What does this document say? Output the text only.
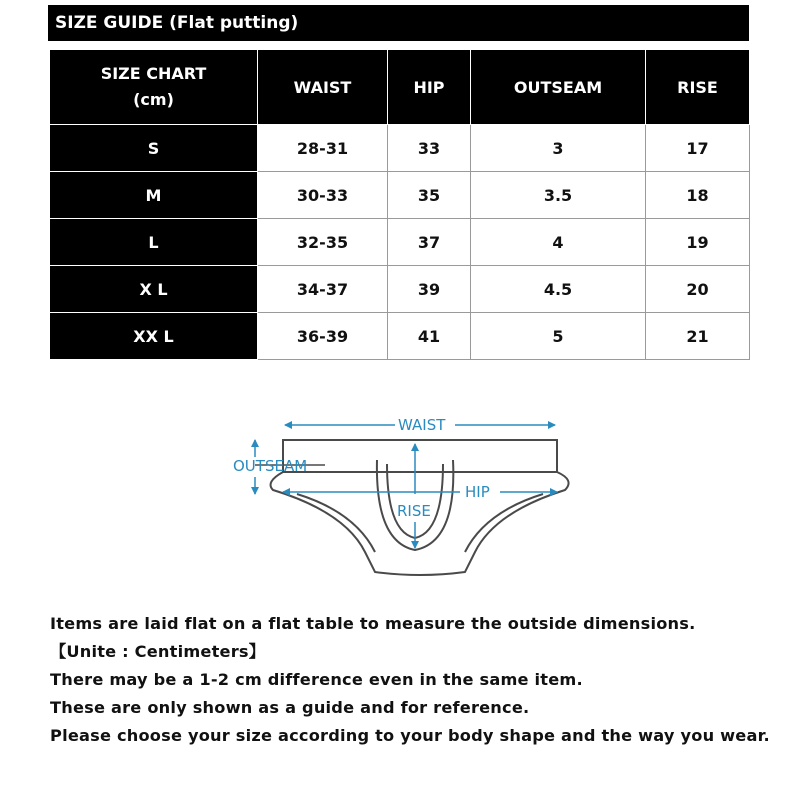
SIZE GUIDE (Flat putting)
SIZE CHART
(cm)	WAIST	HIP	OUTSEAM	RISE
S	28-31	33	3	17
M	30-33	35	3.5	18
L	32-35	37	4	19
X L	34-37	39	4.5	20
XX L	36-39	41	5	21
WAIST
OUTSEAM
HIP
RISE

Items are laid flat on a flat table to measure the outside dimensions.

【Unite : Centimeters】

There may be a 1-2 cm difference even in the same item.

These are only shown as a guide and for reference.

Please choose your size according to your body shape and the way you wear.
